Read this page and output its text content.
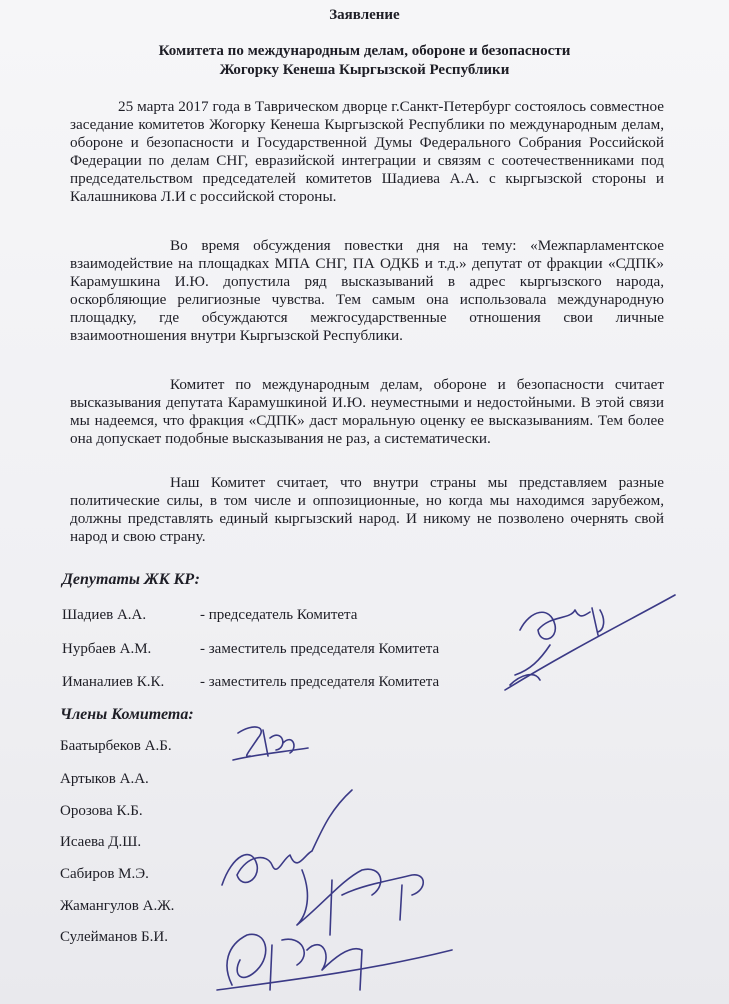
Заявление
Комитета по международным делам, обороне и безопасности
Жогорку Кенеша Кыргызской Республики
25 марта 2017 года в Таврическом дворце г.Санкт-Петербург состоялось совместное заседание комитетов Жогорку Кенеша Кыргызской Республики по международным делам, обороне и безопасности и Государственной Думы Федерального Собрания Российской Федерации по делам СНГ, евразийской интеграции и связям с соотечественниками под председательством председателей комитетов Шадиева А.А. с кыргызской стороны и Калашникова Л.И с российской стороны.
Во время обсуждения повестки дня на тему: «Межпарламентское взаимодействие на площадках МПА СНГ, ПА ОДКБ и т.д.» депутат от фракции «СДПК» Карамушкина И.Ю. допустила ряд высказываний в адрес кыргызского народа, оскорбляющие религиозные чувства. Тем самым она использовала международную площадку, где обсуждаются межгосударственные отношения свои личные взаимоотношения внутри Кыргызской Республики.
Комитет по международным делам, обороне и безопасности считает высказывания депутата Карамушкиной И.Ю. неуместными и недостойными. В этой связи мы надеемся, что фракция «СДПК» даст моральную оценку ее высказываниям. Тем более она допускает подобные высказывания не раз, а систематически.
Наш Комитет считает, что внутри страны мы представляем разные политические силы, в том числе и оппозиционные, но когда мы находимся зарубежом, должны представлять единый кыргызский народ. И никому не позволено очернять свой народ и свою страну.
Депутаты ЖК КР:
Шадиев А.А.	- председатель Комитета
Нурбаев А.М.	- заместитель председателя Комитета
Иманалиев К.К. - заместитель председателя Комитета
Члены Комитета:
Баатырбеков А.Б.
Артыков А.А.
Орозова К.Б.
Исаева Д.Ш.
Сабиров М.Э.
Жамангулов А.Ж.
Сулейманов Б.И.
